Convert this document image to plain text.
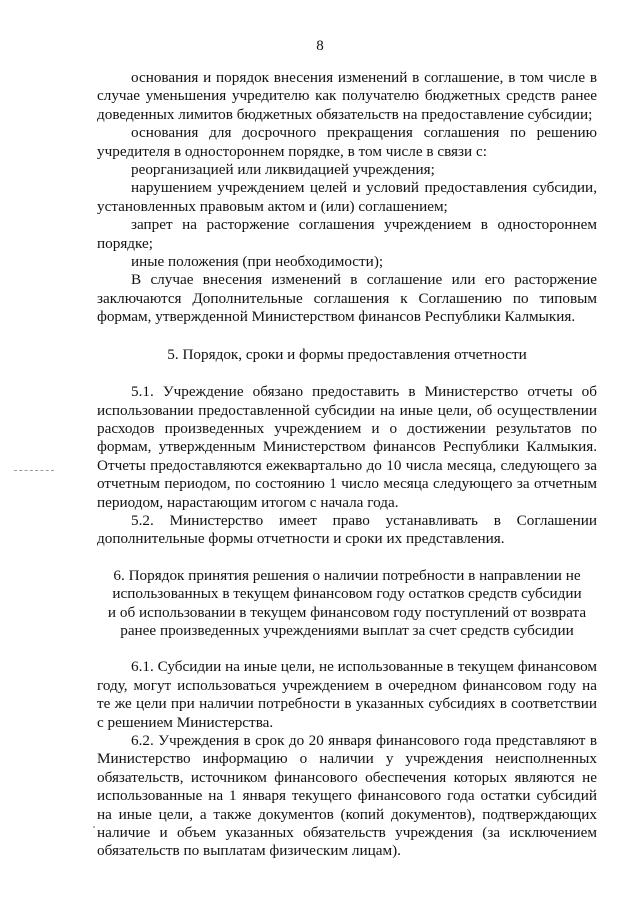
8

основания и порядок внесения изменений в соглашение, в том числе в случае уменьшения учредителю как получателю бюджетных средств ранее доведенных лимитов бюджетных обязательств на предоставление субсидии;

основания для досрочного прекращения соглашения по решению учредителя в одностороннем порядке, в том числе в связи с:

реорганизацией или ликвидацией учреждения;

нарушением учреждением целей и условий предоставления субсидии, установленных правовым актом и (или) соглашением;

запрет на расторжение соглашения учреждением в одностороннем порядке;

иные положения (при необходимости);

В случае внесения изменений в соглашение или его расторжение заключаются Дополнительные соглашения к Соглашению по типовым формам, утвержденной Министерством финансов Республики Калмыкия.

5. Порядок, сроки и формы предоставления отчетности

5.1. Учреждение обязано предоставить в Министерство отчеты об использовании предоставленной субсидии на иные цели, об осуществлении расходов произведенных учреждением и о достижении результатов по формам, утвержденным Министерством финансов Республики Калмыкия. Отчеты предоставляются ежеквартально до 10 числа месяца, следующего за отчетным периодом, по состоянию 1 число месяца следующего за отчетным периодом, нарастающим итогом с начала года.

5.2. Министерство имеет право устанавливать в Соглашении дополнительные формы отчетности и сроки их представления.

6. Порядок принятия решения о наличии потребности в направлении не использованных в текущем финансовом году остатков средств субсидии и об использовании в текущем финансовом году поступлений от возврата ранее произведенных учреждениями выплат за счет средств субсидии

6.1. Субсидии на иные цели, не использованные в текущем финансовом году, могут использоваться учреждением в очередном финансовом году на те же цели при наличии потребности в указанных субсидиях в соответствии с решением Министерства.

6.2. Учреждения в срок до 20 января финансового года представляют в Министерство информацию о наличии у учреждения неисполненных обязательств, источником финансового обеспечения которых являются не использованные на 1 января текущего финансового года остатки субсидий на иные цели, а также документов (копий документов), подтверждающих наличие и объем указанных обязательств учреждения (за исключением обязательств по выплатам физическим лицам).
